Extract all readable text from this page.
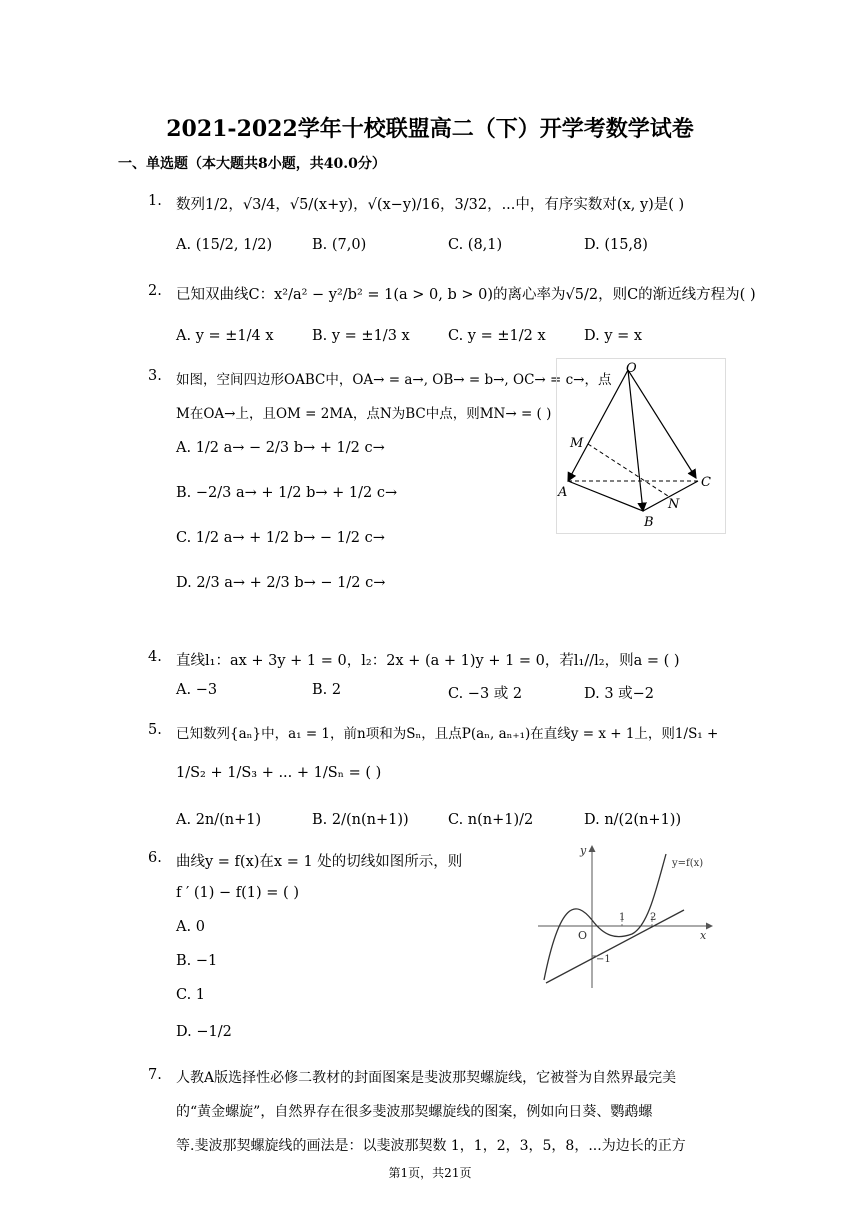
2021-2022学年十校联盟高二（下）开学考数学试卷
一、单选题（本大题共8小题，共40.0分）
1. 数列1/2，√3/4，√5/(x+y)，√(x−y)/16，3/32，...中，有序实数对(x, y)是( )
A. (15/2, 1/2)	B. (7,0)	C. (8,1)	D. (15,8)
2. 已知双曲线C：x²/a² − y²/b² = 1(a > 0, b > 0)的离心率为√5/2，则C的渐近线方程为( )
A. y = ±1/4 x	B. y = ±1/3 x	C. y = ±1/2 x	D. y = x
3. 如图，空间四边形OABC中，OA→ = a→, OB→ = b→, OC→ = c→，点
M在OA→上，且OM = 2MA，点N为BC中点，则MN→ = ( )
A. 1/2 a→ − 2/3 b→ + 1/2 c→
B. −2/3 a→ + 1/2 b→ + 1/2 c→
C. 1/2 a→ + 1/2 b→ − 1/2 c→
D. 2/3 a→ + 2/3 b→ − 1/2 c→
O
M
A
B
N
C
4. 直线l₁：ax + 3y + 1 = 0，l₂：2x + (a + 1)y + 1 = 0，若l₁//l₂，则a = ( )
A. −3	B. 2	C. −3 或 2	D. 3 或−2
5. 已知数列{aₙ}中，a₁ = 1，前n项和为Sₙ，且点P(aₙ, aₙ₊₁)在直线y = x + 1上，则1/S₁ +
1/S₂ + 1/S₃ + ... + 1/Sₙ = ( )
A. 2n/(n+1)	B. 2/(n(n+1))	C. n(n+1)/2	D. n/(2(n+1))
6. 曲线y = f(x)在x = 1 处的切线如图所示，则
f ′ (1) − f(1) = ( )
A. 0
B. −1
C. 1
D. −1/2
y
y=f(x)
O
1 2
x
−1
7. 人教A版选择性必修二教材的封面图案是斐波那契螺旋线，它被誉为自然界最完美
的“黄金螺旋”，自然界存在很多斐波那契螺旋线的图案，例如向日葵、鹦鹉螺
等.斐波那契螺旋线的画法是：以斐波那契数 1，1，2，3，5，8，...为边长的正方
第1页，共21页
